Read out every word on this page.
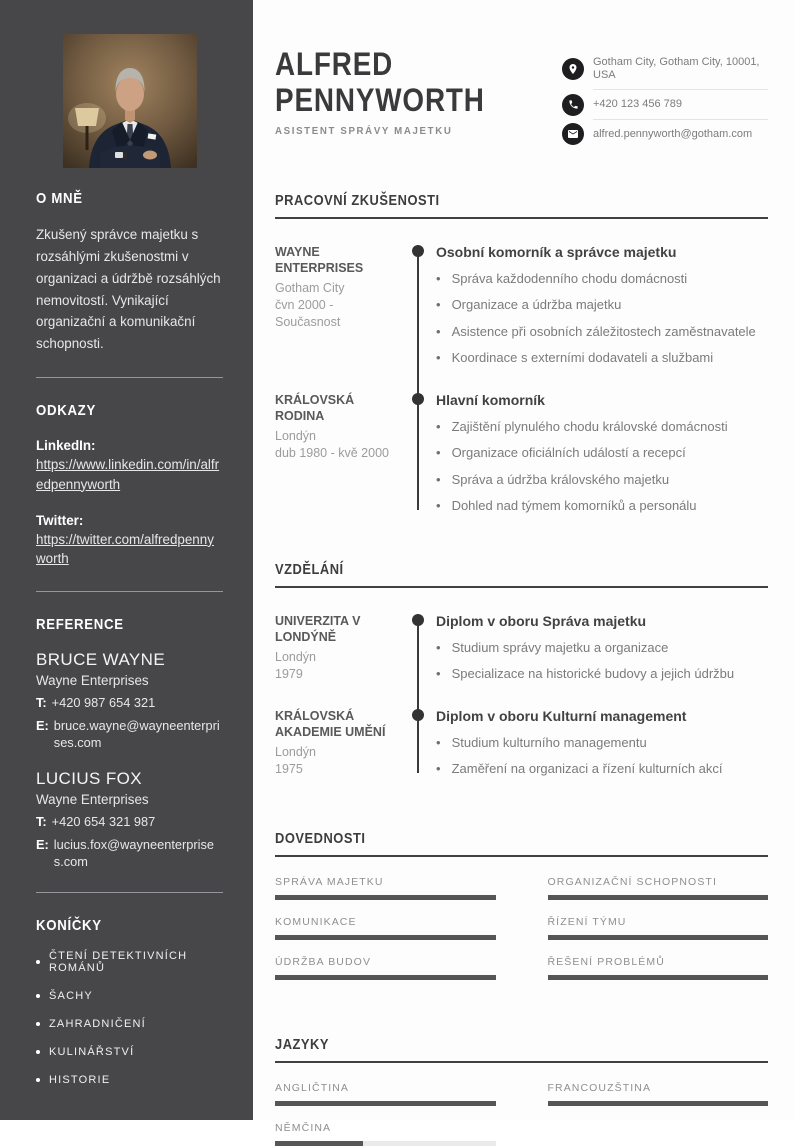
O MNĚ

Zkušený správce majetku s rozsáhlými zkušenostmi v organizaci a údržbě rozsáhlých nemovitostí. Vynikající organizační a komunikační schopnosti.

ODKAZY
LinkedIn:
https://www.linkedin.com/in/alfredpennyworth
Twitter:
https://twitter.com/alfredpennyworth
REFERENCE
BRUCE WAYNE
Wayne Enterprises
T: +420 987 654 321
E: bruce.wayne@wayneenterprises.com
LUCIUS FOX
Wayne Enterprises
T: +420 654 321 987
E: lucius.fox@wayneenterprises.com
KONÍČKY
ČTENÍ DETEKTIVNÍCH ROMÁNŮ
ŠACHY
ZAHRADNIČENÍ
KULINÁŘSTVÍ
HISTORIE
ALFRED
PENNYWORTH
ASISTENT SPRÁVY MAJETKU
Gotham City, Gotham City, 10001, USA
+420 123 456 789
alfred.pennyworth@gotham.com
PRACOVNÍ ZKUŠENOSTI
WAYNE
ENTERPRISES
Gotham City
čvn 2000 - Současnost
Osobní komorník a správce majetku
• Správa každodenního chodu domácnosti
• Organizace a údržba majetku
• Asistence při osobních záležitostech zaměstnavatele
• Koordinace s externími dodavateli a službami
KRÁLOVSKÁ RODINA
Londýn
dub 1980 - kvě 2000
Hlavní komorník
• Zajištění plynulého chodu královské domácnosti
• Organizace oficiálních událostí a recepcí
• Správa a údržba královského majetku
• Dohled nad týmem komorníků a personálu
VZDĚLÁNÍ
UNIVERZITA V
LONDÝNĚ
Londýn
1979
Diplom v oboru Správa majetku
• Studium správy majetku a organizace
• Specializace na historické budovy a jejich údržbu
KRÁLOVSKÁ
AKADEMIE UMĚNÍ
Londýn
1975
Diplom v oboru Kulturní management
• Studium kulturního managementu
• Zaměření na organizaci a řízení kulturních akcí
DOVEDNOSTI
SPRÁVA MAJETKU
KOMUNIKACE
ÚDRŽBA BUDOV
ORGANIZAČNÍ SCHOPNOSTI
ŘÍZENÍ TÝMU
ŘEŠENÍ PROBLÉMŮ
JAZYKY
ANGLIČTINA
NĚMČINA
FRANCOUZŠTINA
